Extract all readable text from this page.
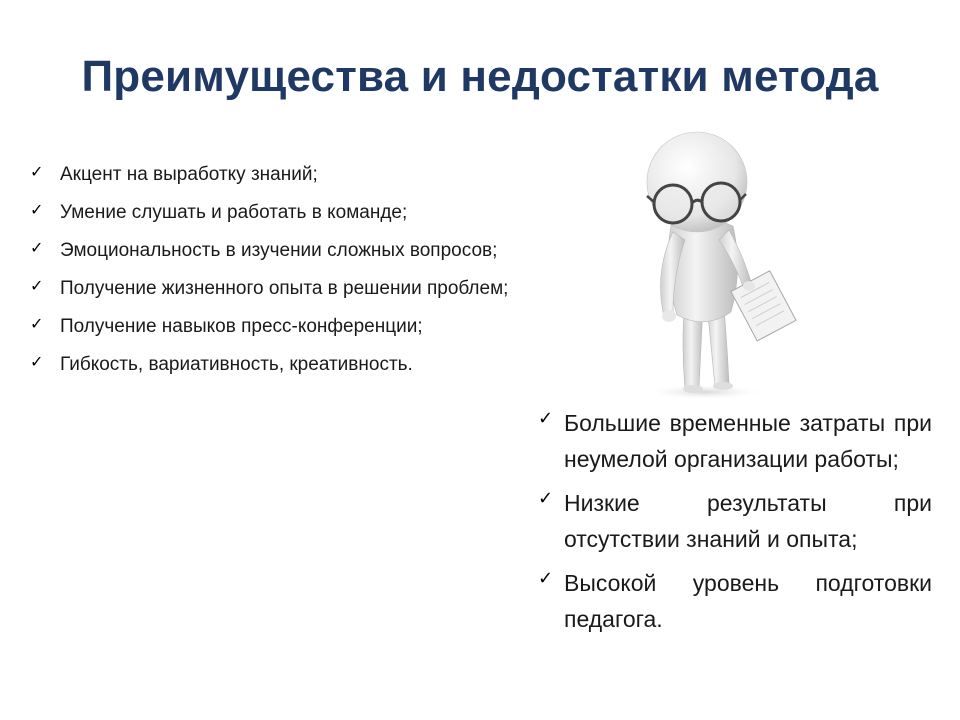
Преимущества и недостатки метода
✓ Акцент на выработку знаний;
✓ Умение слушать и работать в команде;
✓ Эмоциональность в изучении сложных вопросов;
✓ Получение жизненного опыта в решении проблем;
✓ Получение навыков пресс-конференции;
✓ Гибкость, вариативность, креативность.
✓ Большие временные затраты при неумелой организации работы;
✓ Низкие результаты при отсутствии знаний и опыта;
✓ Высокой уровень подготовки педагога.
